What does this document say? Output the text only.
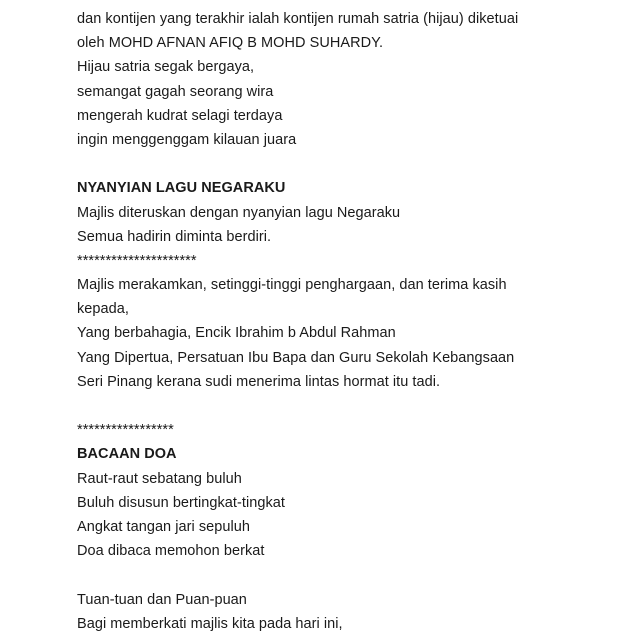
dan kontijen yang terakhir ialah kontijen rumah satria (hijau) diketuai
oleh MOHD AFNAN AFIQ B MOHD SUHARDY.
Hijau satria segak bergaya,
semangat gagah seorang wira
mengerah kudrat selagi terdaya
ingin menggenggam kilauan juara
NYANYIAN LAGU NEGARAKU
Majlis diteruskan dengan nyanyian lagu Negaraku
Semua hadirin diminta berdiri.
*********************
Majlis merakamkan, setinggi-tinggi penghargaan, dan terima kasih
kepada,
Yang berbahagia, Encik Ibrahim b Abdul Rahman
Yang Dipertua, Persatuan Ibu Bapa dan Guru Sekolah Kebangsaan
Seri Pinang kerana sudi menerima lintas hormat itu tadi.
*****************
BACAAN DOA
Raut-raut sebatang buluh
Buluh disusun bertingkat-tingkat
Angkat tangan jari sepuluh
Doa dibaca memohon berkat
Tuan-tuan dan Puan-puan
Bagi memberkati majlis kita pada hari ini,
